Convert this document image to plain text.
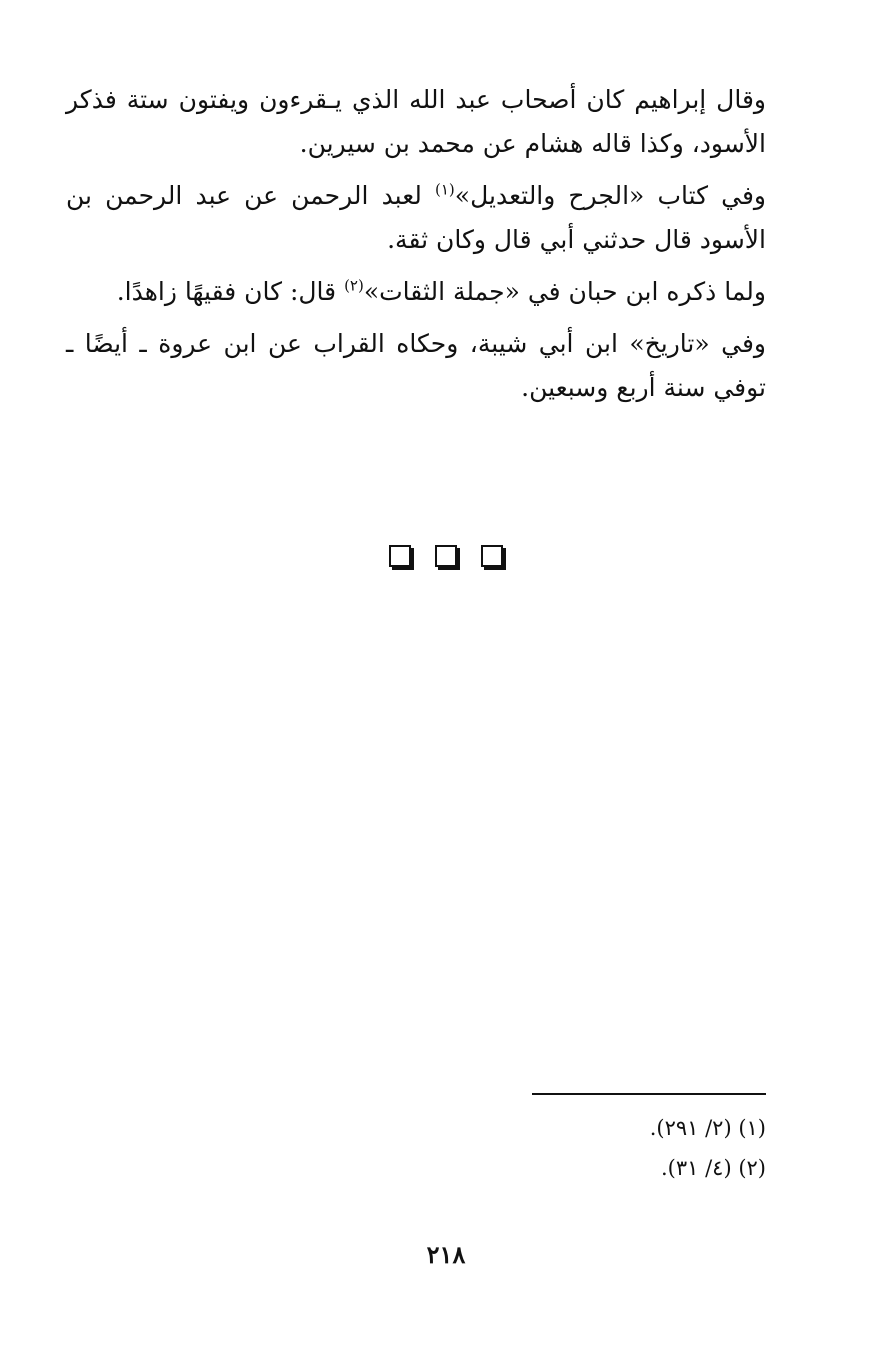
وقال إبراهيم كان أصحاب عبد الله الذي يـقرءون ويفتون ستة فذكر الأسود، وكذا قاله هشام عن محمد بن سيرين.

وفي كتاب «الجرح والتعديل»$^{(١)}$ لعبد الرحمن عن عبد الرحمن بن الأسود قال حدثني أبي قال وكان ثقة.

ولما ذكره ابن حبان في «جملة الثقات»$^{(٢)}$ قال: كان فقيهًا زاهدًا.

وفي «تاريخ» ابن أبي شيبة، وحكاه القراب عن ابن عروة ـ أيضًا ـ توفي سنة أربع وسبعين.

(١) (٢/ ٢٩١).
(٢) (٤/ ٣١).
٢١٨
